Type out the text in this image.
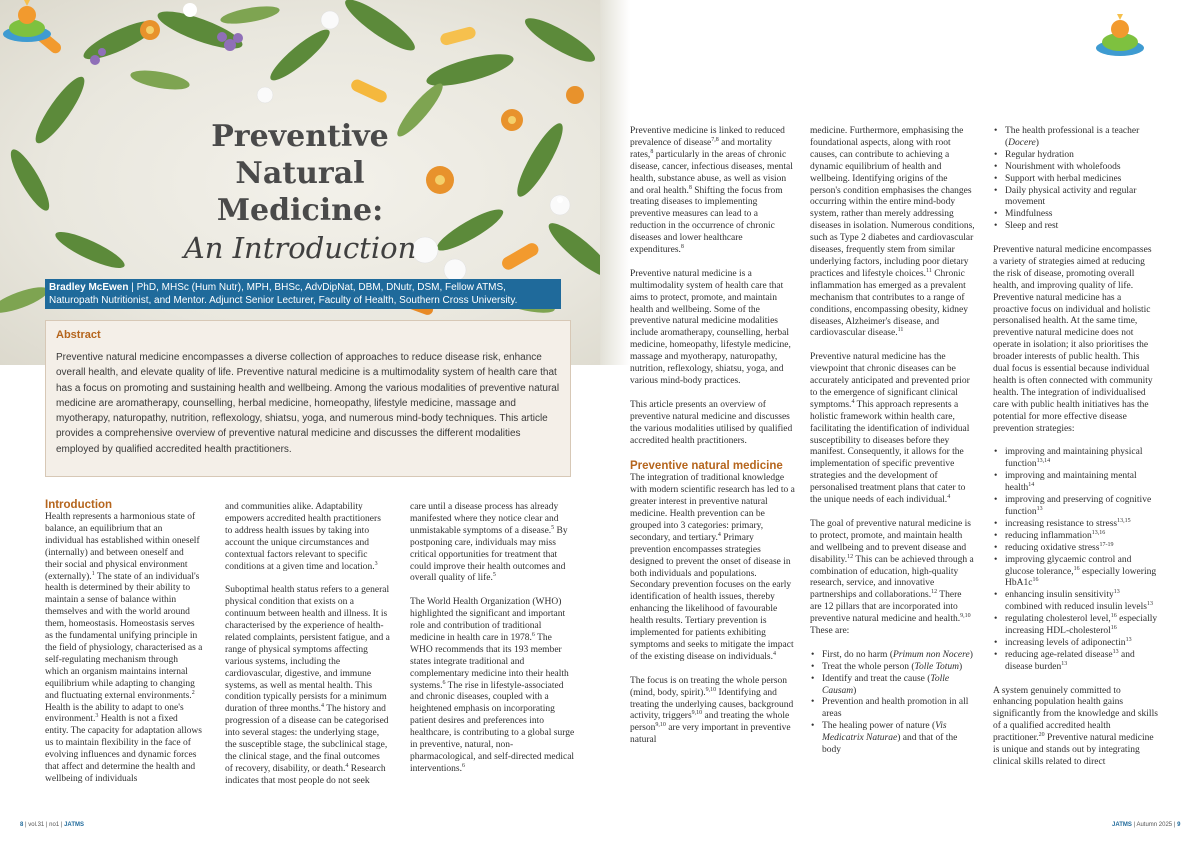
Preventive
Natural
Medicine:
An Introduction
Bradley McEwen | PhD, MHSc (Hum Nutr), MPH, BHSc, AdvDipNat, DBM, DNutr, DSM, Fellow ATMS, Naturopath Nutritionist, and Mentor. Adjunct Senior Lecturer, Faculty of Health, Southern Cross University.
Abstract
Preventive natural medicine encompasses a diverse collection of approaches to reduce disease risk, enhance overall health, and elevate quality of life. Preventive natural medicine is a multimodality system of health care that has a focus on promoting and sustaining health and wellbeing. Among the various modalities of preventive natural medicine are aromatherapy, counselling, herbal medicine, homeopathy, lifestyle medicine, massage and myotherapy, naturopathy, nutrition, reflexology, shiatsu, yoga, and numerous mind-body techniques. This article provides a comprehensive overview of preventive natural medicine and discusses the different modalities employed by qualified accredited health practitioners.
Introduction

Health represents a harmonious state of balance, an equilibrium that an individual has established within oneself (internally) and between oneself and their social and physical environment (externally).$^1$ The state of an individual's health is determined by their ability to maintain a sense of balance within themselves and with the world around them, homeostasis. Homeostasis serves as the fundamental unifying principle in the field of physiology, characterised as a self-regulating mechanism through which an organism maintains internal equilibrium while adapting to changing and fluctuating external environments.$^2$ Health is the ability to adapt to one's environment.$^3$ Health is not a fixed entity. The capacity for adaptation allows us to maintain flexibility in the face of evolving influences and dynamic forces that affect and determine the health and wellbeing of individuals

and communities alike. Adaptability empowers accredited health practitioners to address health issues by taking into account the unique circumstances and contextual factors relevant to specific conditions at a given time and location.$^3$

Suboptimal health status refers to a general physical condition that exists on a continuum between health and illness. It is characterised by the experience of health-related complaints, persistent fatigue, and a range of physical symptoms affecting various systems, including the cardiovascular, digestive, and immune systems, as well as mental health. This condition typically persists for a minimum duration of three months.$^4$ The history and progression of a disease can be categorised into several stages: the underlying stage, the susceptible stage, the subclinical stage, the clinical stage, and the final outcomes of recovery, disability, or death.$^4$ Research indicates that most people do not seek

care until a disease process has already manifested where they notice clear and unmistakable symptoms of a disease.$^5$ By postponing care, individuals may miss critical opportunities for treatment that could improve their health outcomes and overall quality of life.$^5$

The World Health Organization (WHO) highlighted the significant and important role and contribution of traditional medicine in health care in 1978.$^6$ The WHO recommends that its 193 member states integrate traditional and complementary medicine into their health systems.$^6$ The rise in lifestyle-associated and chronic diseases, coupled with a heightened emphasis on incorporating patient desires and preferences into healthcare, is contributing to a global surge in preventive, natural, non-pharmacological, and self-directed medical interventions.$^6$

8 | vol.31 | no1 | JATMS

Preventive medicine is linked to reduced prevalence of disease$^{7,8}$ and mortality rates,$^8$ particularly in the areas of chronic disease, cancer, infectious diseases, mental health, substance abuse, as well as vision and oral health.$^8$ Shifting the focus from treating diseases to implementing preventive measures can lead to a reduction in the occurrence of chronic diseases and lower healthcare expenditures.$^8$

Preventive natural medicine is a multimodality system of health care that aims to protect, promote, and maintain health and wellbeing. Some of the preventive natural medicine modalities include aromatherapy, counselling, herbal medicine, homeopathy, lifestyle medicine, massage and myotherapy, naturopathy, nutrition, reflexology, shiatsu, yoga, and various mind-body practices.

This article presents an overview of preventive natural medicine and discusses the various modalities utilised by qualified accredited health practitioners.

Preventive natural medicine

The integration of traditional knowledge with modern scientific research has led to a greater interest in preventive natural medicine. Health prevention can be grouped into 3 categories: primary, secondary, and tertiary.$^4$ Primary prevention encompasses strategies designed to prevent the onset of disease in both individuals and populations. Secondary prevention focuses on the early identification of health issues, thereby enhancing the likelihood of favourable health results. Tertiary prevention is implemented for patients exhibiting symptoms and seeks to mitigate the impact of the existing disease on individuals.$^4$

The focus is on treating the whole person (mind, body, spirit).$^{9,10}$ Identifying and treating the underlying causes, background activity, triggers$^{9,10}$ and treating the whole person$^{9,10}$ are very important in preventive natural

medicine. Furthermore, emphasising the foundational aspects, along with root causes, can contribute to achieving a dynamic equilibrium of health and wellbeing. Identifying origins of the person's condition emphasises the changes occurring within the entire mind-body system, rather than merely addressing diseases in isolation. Numerous conditions, such as Type 2 diabetes and cardiovascular diseases, frequently stem from similar underlying factors, including poor dietary practices and lifestyle choices.$^{11}$ Chronic inflammation has emerged as a prevalent mechanism that contributes to a range of conditions, encompassing obesity, kidney diseases, Alzheimer's disease, and cardiovascular disease.$^{11}$

Preventive natural medicine has the viewpoint that chronic diseases can be accurately anticipated and prevented prior to the emergence of significant clinical symptoms.$^4$ This approach represents a holistic framework within health care, facilitating the identification of individual susceptibility to diseases before they manifest. Consequently, it allows for the implementation of specific preventive strategies and the development of personalised treatment plans that cater to the unique needs of each individual.$^4$

The goal of preventive natural medicine is to protect, promote, and maintain health and wellbeing and to prevent disease and disability.$^{12}$ This can be achieved through a combination of education, high-quality research, service, and innovative partnerships and collaborations.$^{12}$ There are 12 pillars that are incorporated into preventive natural medicine and health.$^{9,10}$ These are:

• First, do no harm (Primum non Nocere)
• Treat the whole person (Tolle Totum)
• Identify and treat the cause (Tolle Causam)
• Prevention and health promotion in all areas
• The healing power of nature (Vis Medicatrix Naturae) and that of the body
• The health professional is a teacher (Docere)
• Regular hydration
• Nourishment with wholefoods
• Support with herbal medicines
• Daily physical activity and regular movement
• Mindfulness
• Sleep and rest

Preventive natural medicine encompasses a variety of strategies aimed at reducing the risk of disease, promoting overall health, and improving quality of life. Preventive natural medicine has a proactive focus on individual and holistic personalised health. At the same time, preventive natural medicine does not operate in isolation; it also prioritises the broader interests of public health. This dual focus is essential because individual health is often connected with community health. The integration of individualised care with public health initiatives has the potential for more effective disease prevention strategies:

• improving and maintaining physical function$^{13,14}$
• improving and maintaining mental health$^{14}$
• improving and preserving of cognitive function$^{13}$
• increasing resistance to stress$^{13,15}$
• reducing inflammation$^{13,16}$
• reducing oxidative stress$^{17-19}$
• improving glycaemic control and glucose tolerance,$^{16}$ especially lowering $HbA1c^{16}$
• enhancing insulin sensitivity$^{13}$ combined with reduced insulin levels$^{13}$
• regulating cholesterol level,$^{16}$ especially increasing HDL-cholesterol$^{16}$
• increasing levels of adiponectin$^{13}$
• reducing age-related disease$^{13}$ and disease burden$^{13}$

A system genuinely committed to enhancing population health gains significantly from the knowledge and skills of a qualified accredited health practitioner.$^{20}$ Preventive natural medicine is unique and stands out by integrating clinical skills related to direct

JATMS | Autumn 2025 | 9
